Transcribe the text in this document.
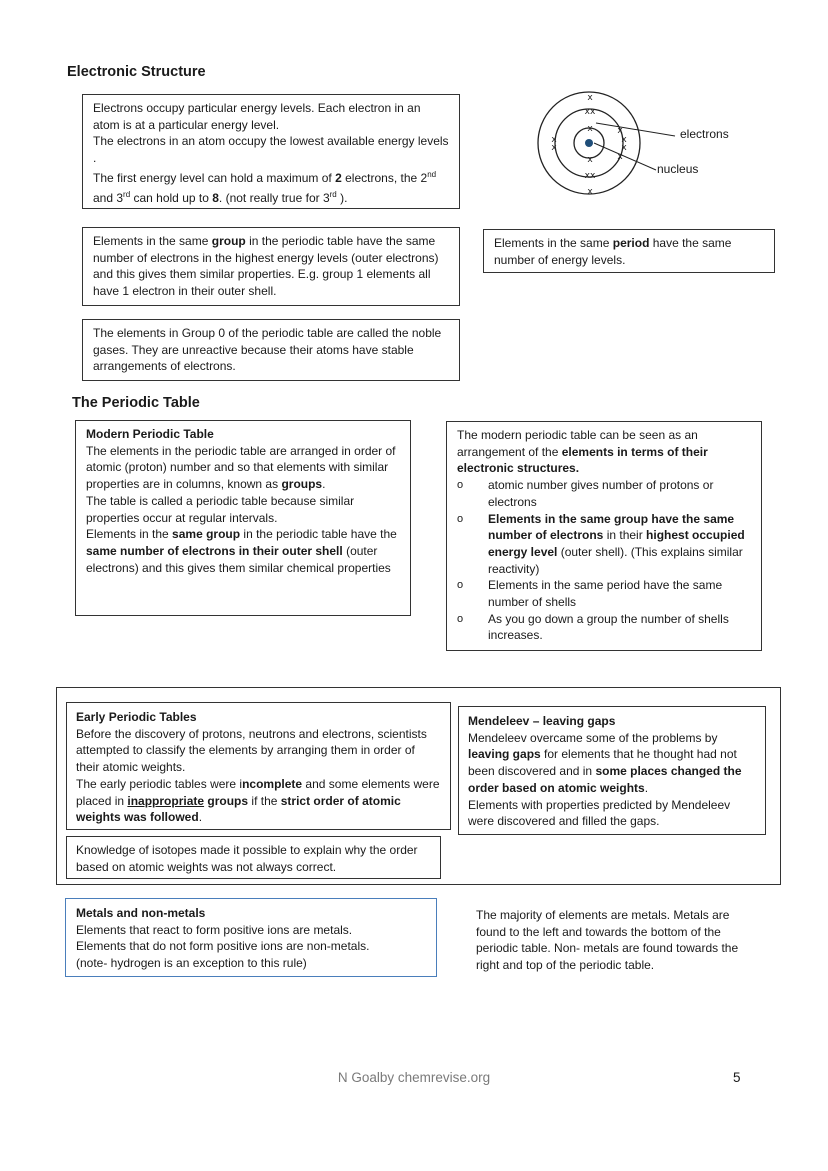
Electronic Structure

Electrons occupy particular energy levels. Each electron in an atom is at a particular energy level.

The electrons in an atom occupy the lowest available energy levels .

The first energy level can hold a maximum of 2 electrons, the 2nd and 3rd can hold up to 8. (not really true for 3rd ).

x
x
x
xx
xx
x
x
x
x
x
x
x
electrons
nucleus

Elements in the same group in the periodic table have the same number of electrons in the highest energy levels (outer electrons) and this gives them similar properties. E.g. group 1 elements all have 1 electron in their outer shell.

Elements in the same period have the same number of energy levels.

The elements in Group 0 of the periodic table are called the noble gases. They are unreactive because their atoms have stable arrangements of electrons.

The Periodic Table

Modern Periodic Table

The elements in the periodic table are arranged in order of atomic (proton) number and so that elements with similar properties are in columns, known as groups.

The table is called a periodic table because similar properties occur at regular intervals.

Elements in the same group in the periodic table have the same number of electrons in their outer shell (outer electrons) and this gives them similar chemical properties

The modern periodic table can be seen as an arrangement of the elements in terms of their electronic structures.

o atomic number gives number of protons or electrons
o Elements in the same group have the same number of electrons in their highest occupied energy level (outer shell). (This explains similar reactivity)
o Elements in the same period have the same number of shells
o As you go down a group the number of shells increases.

Early Periodic Tables

Before the discovery of protons, neutrons and electrons, scientists attempted to classify the elements by arranging them in order of their atomic weights.

The early periodic tables were incomplete and some elements were placed in inappropriate groups if the strict order of atomic weights was followed.

Knowledge of isotopes made it possible to explain why the order based on atomic weights was not always correct.

Mendeleev – leaving gaps

Mendeleev overcame some of the problems by leaving gaps for elements that he thought had not been discovered and in some places changed the order based on atomic weights.

Elements with properties predicted by Mendeleev were discovered and filled the gaps.

Metals and non-metals

Elements that react to form positive ions are metals.

Elements that do not form positive ions are non-metals.

(note- hydrogen is an exception to this rule)

The majority of elements are metals. Metals are found to the left and towards the bottom of the periodic table. Non- metals are found towards the right and top of the periodic table.
N Goalby chemrevise.org	5
